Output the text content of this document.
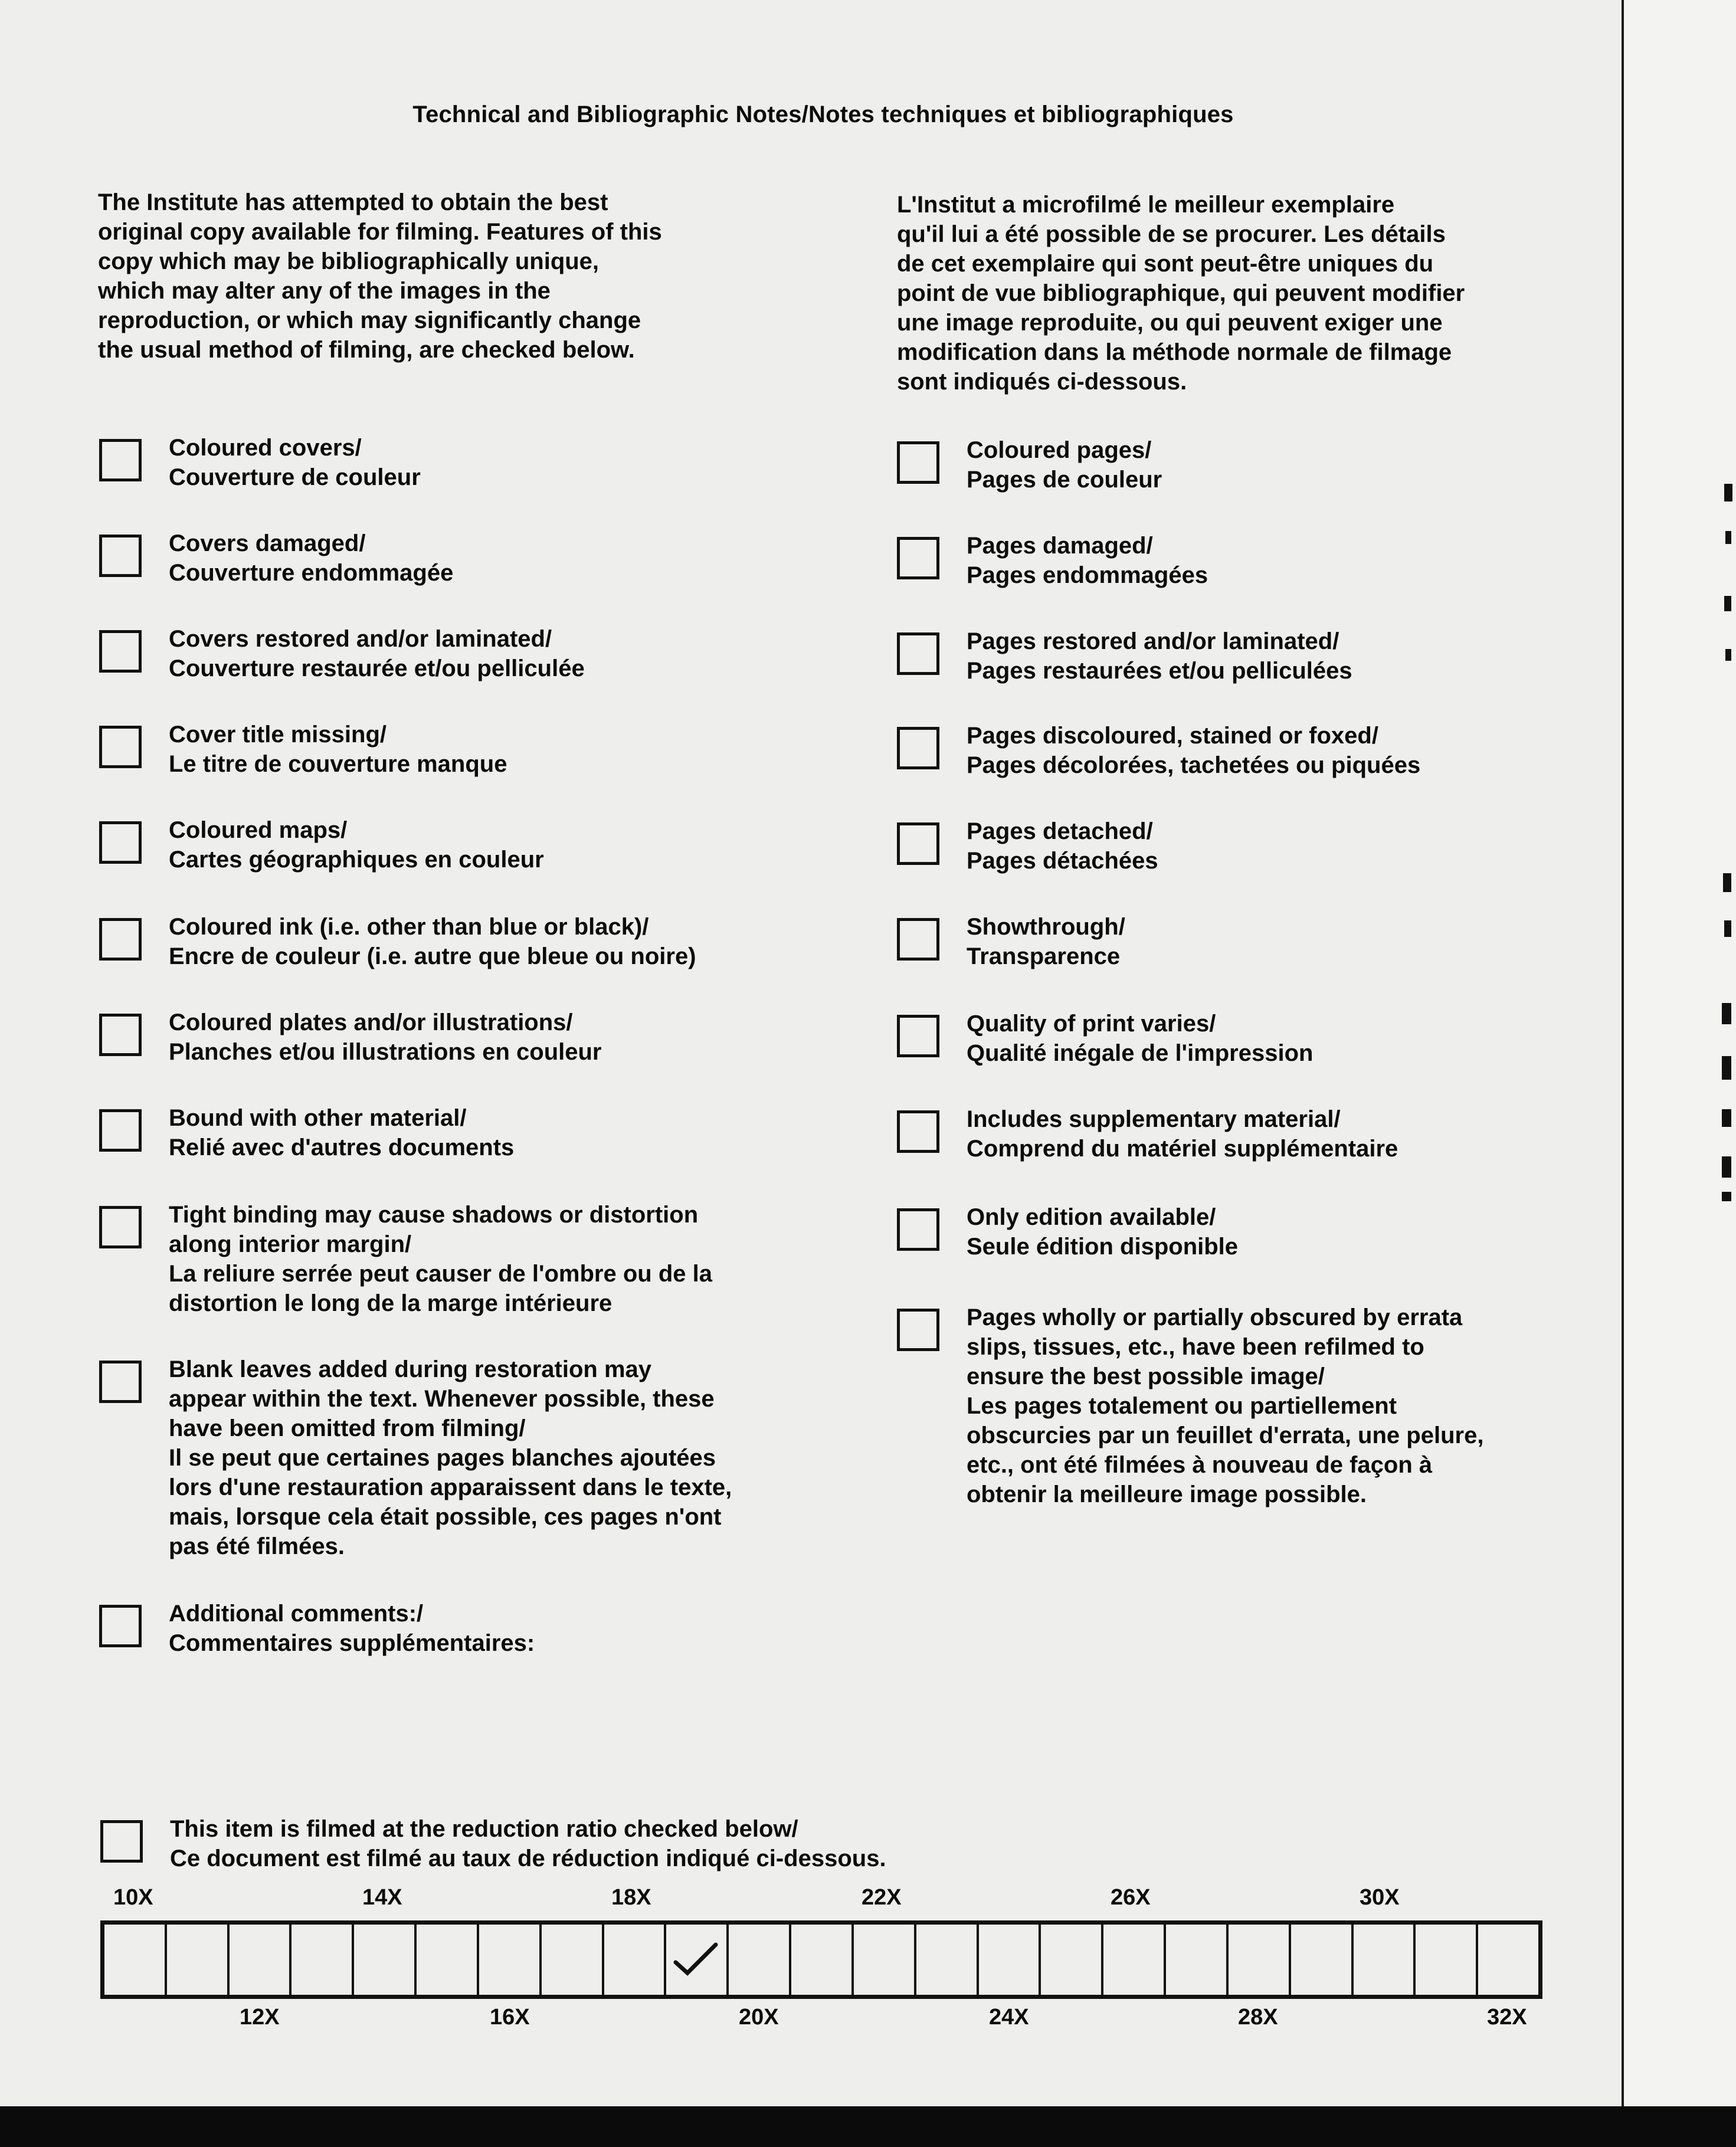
Technical and Bibliographic Notes/Notes techniques et bibliographiques
The Institute has attempted to obtain the best
original copy available for filming. Features of this
copy which may be bibliographically unique,
which may alter any of the images in the
reproduction, or which may significantly change
the usual method of filming, are checked below.
L'Institut a microfilmé le meilleur exemplaire
qu'il lui a été possible de se procurer. Les détails
de cet exemplaire qui sont peut-être uniques du
point de vue bibliographique, qui peuvent modifier
une image reproduite, ou qui peuvent exiger une
modification dans la méthode normale de filmage
sont indiqués ci-dessous.
Coloured covers/
Couverture de couleur
Covers damaged/
Couverture endommagée
Covers restored and/or laminated/
Couverture restaurée et/ou pelliculée
Cover title missing/
Le titre de couverture manque
Coloured maps/
Cartes géographiques en couleur
Coloured ink (i.e. other than blue or black)/
Encre de couleur (i.e. autre que bleue ou noire)
Coloured plates and/or illustrations/
Planches et/ou illustrations en couleur
Bound with other material/
Relié avec d'autres documents
Tight binding may cause shadows or distortion
along interior margin/
La reliure serrée peut causer de l'ombre ou de la
distortion le long de la marge intérieure
Blank leaves added during restoration may
appear within the text. Whenever possible, these
have been omitted from filming/
Il se peut que certaines pages blanches ajoutées
lors d'une restauration apparaissent dans le texte,
mais, lorsque cela était possible, ces pages n'ont
pas été filmées.
Additional comments:/
Commentaires supplémentaires:
Coloured pages/
Pages de couleur
Pages damaged/
Pages endommagées
Pages restored and/or laminated/
Pages restaurées et/ou pelliculées
Pages discoloured, stained or foxed/
Pages décolorées, tachetées ou piquées
Pages detached/
Pages détachées
Showthrough/
Transparence
Quality of print varies/
Qualité inégale de l'impression
Includes supplementary material/
Comprend du matériel supplémentaire
Only edition available/
Seule édition disponible
Pages wholly or partially obscured by errata
slips, tissues, etc., have been refilmed to
ensure the best possible image/
Les pages totalement ou partiellement
obscurcies par un feuillet d'errata, une pelure,
etc., ont été filmées à nouveau de façon à
obtenir la meilleure image possible.
This item is filmed at the reduction ratio checked below/
Ce document est filmé au taux de réduction indiqué ci-dessous.
10X	14X	18X	22X	26X	30X
12X	16X	20X	24X	28X	32X
